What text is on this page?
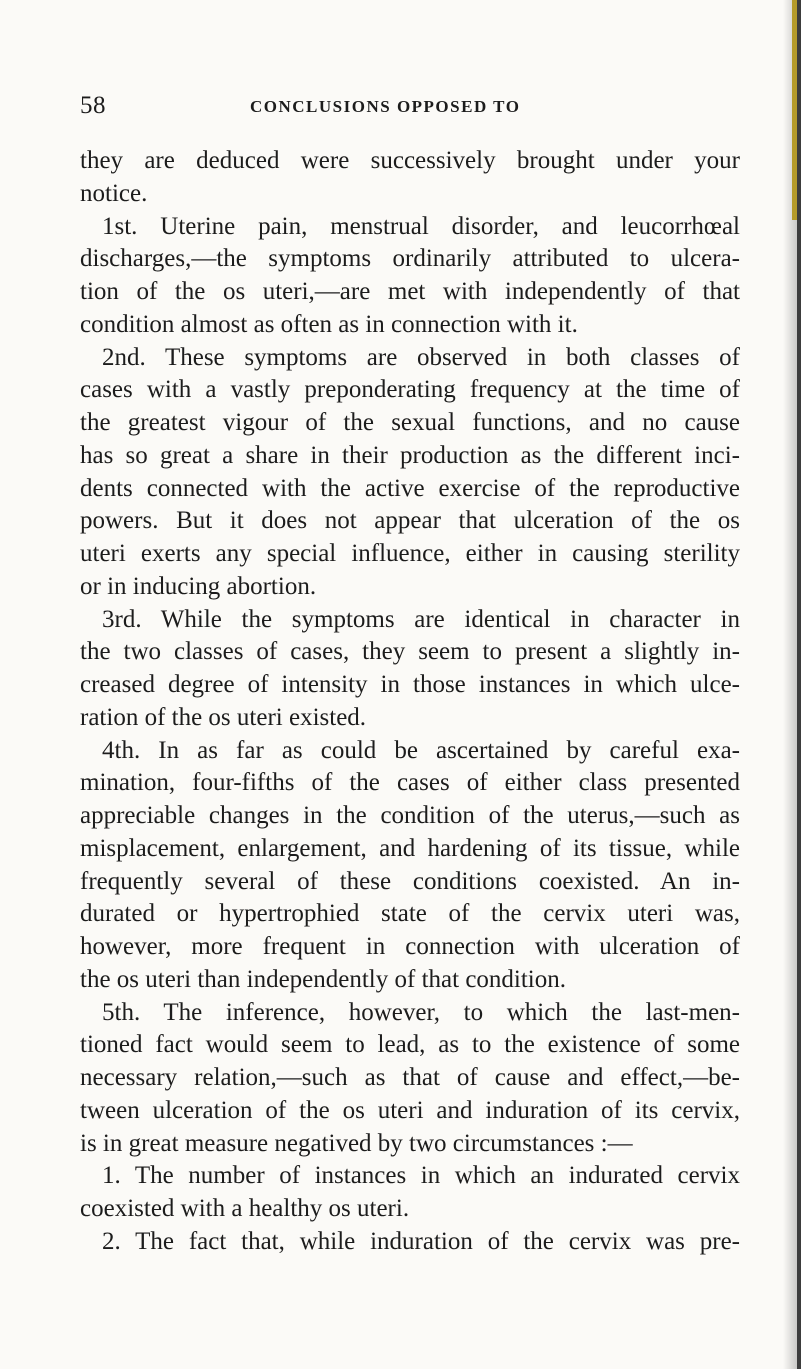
58	CONCLUSIONS OPPOSED TO
they are deduced were successively brought under your
notice.
1st. Uterine pain, menstrual disorder, and leucorrhœal
discharges,—the symptoms ordinarily attributed to ulcera-
tion of the os uteri,—are met with independently of that
condition almost as often as in connection with it.
2nd. These symptoms are observed in both classes of
cases with a vastly preponderating frequency at the time of
the greatest vigour of the sexual functions, and no cause
has so great a share in their production as the different inci-
dents connected with the active exercise of the reproductive
powers. But it does not appear that ulceration of the os
uteri exerts any special influence, either in causing sterility
or in inducing abortion.
3rd. While the symptoms are identical in character in
the two classes of cases, they seem to present a slightly in-
creased degree of intensity in those instances in which ulce-
ration of the os uteri existed.
4th. In as far as could be ascertained by careful exa-
mination, four-fifths of the cases of either class presented
appreciable changes in the condition of the uterus,—such as
misplacement, enlargement, and hardening of its tissue, while
frequently several of these conditions coexisted. An in-
durated or hypertrophied state of the cervix uteri was,
however, more frequent in connection with ulceration of
the os uteri than independently of that condition.
5th. The inference, however, to which the last-men-
tioned fact would seem to lead, as to the existence of some
necessary relation,—such as that of cause and effect,—be-
tween ulceration of the os uteri and induration of its cervix,
is in great measure negatived by two circumstances :—
1. The number of instances in which an indurated cervix
coexisted with a healthy os uteri.
2. The fact that, while induration of the cervix was pre-
